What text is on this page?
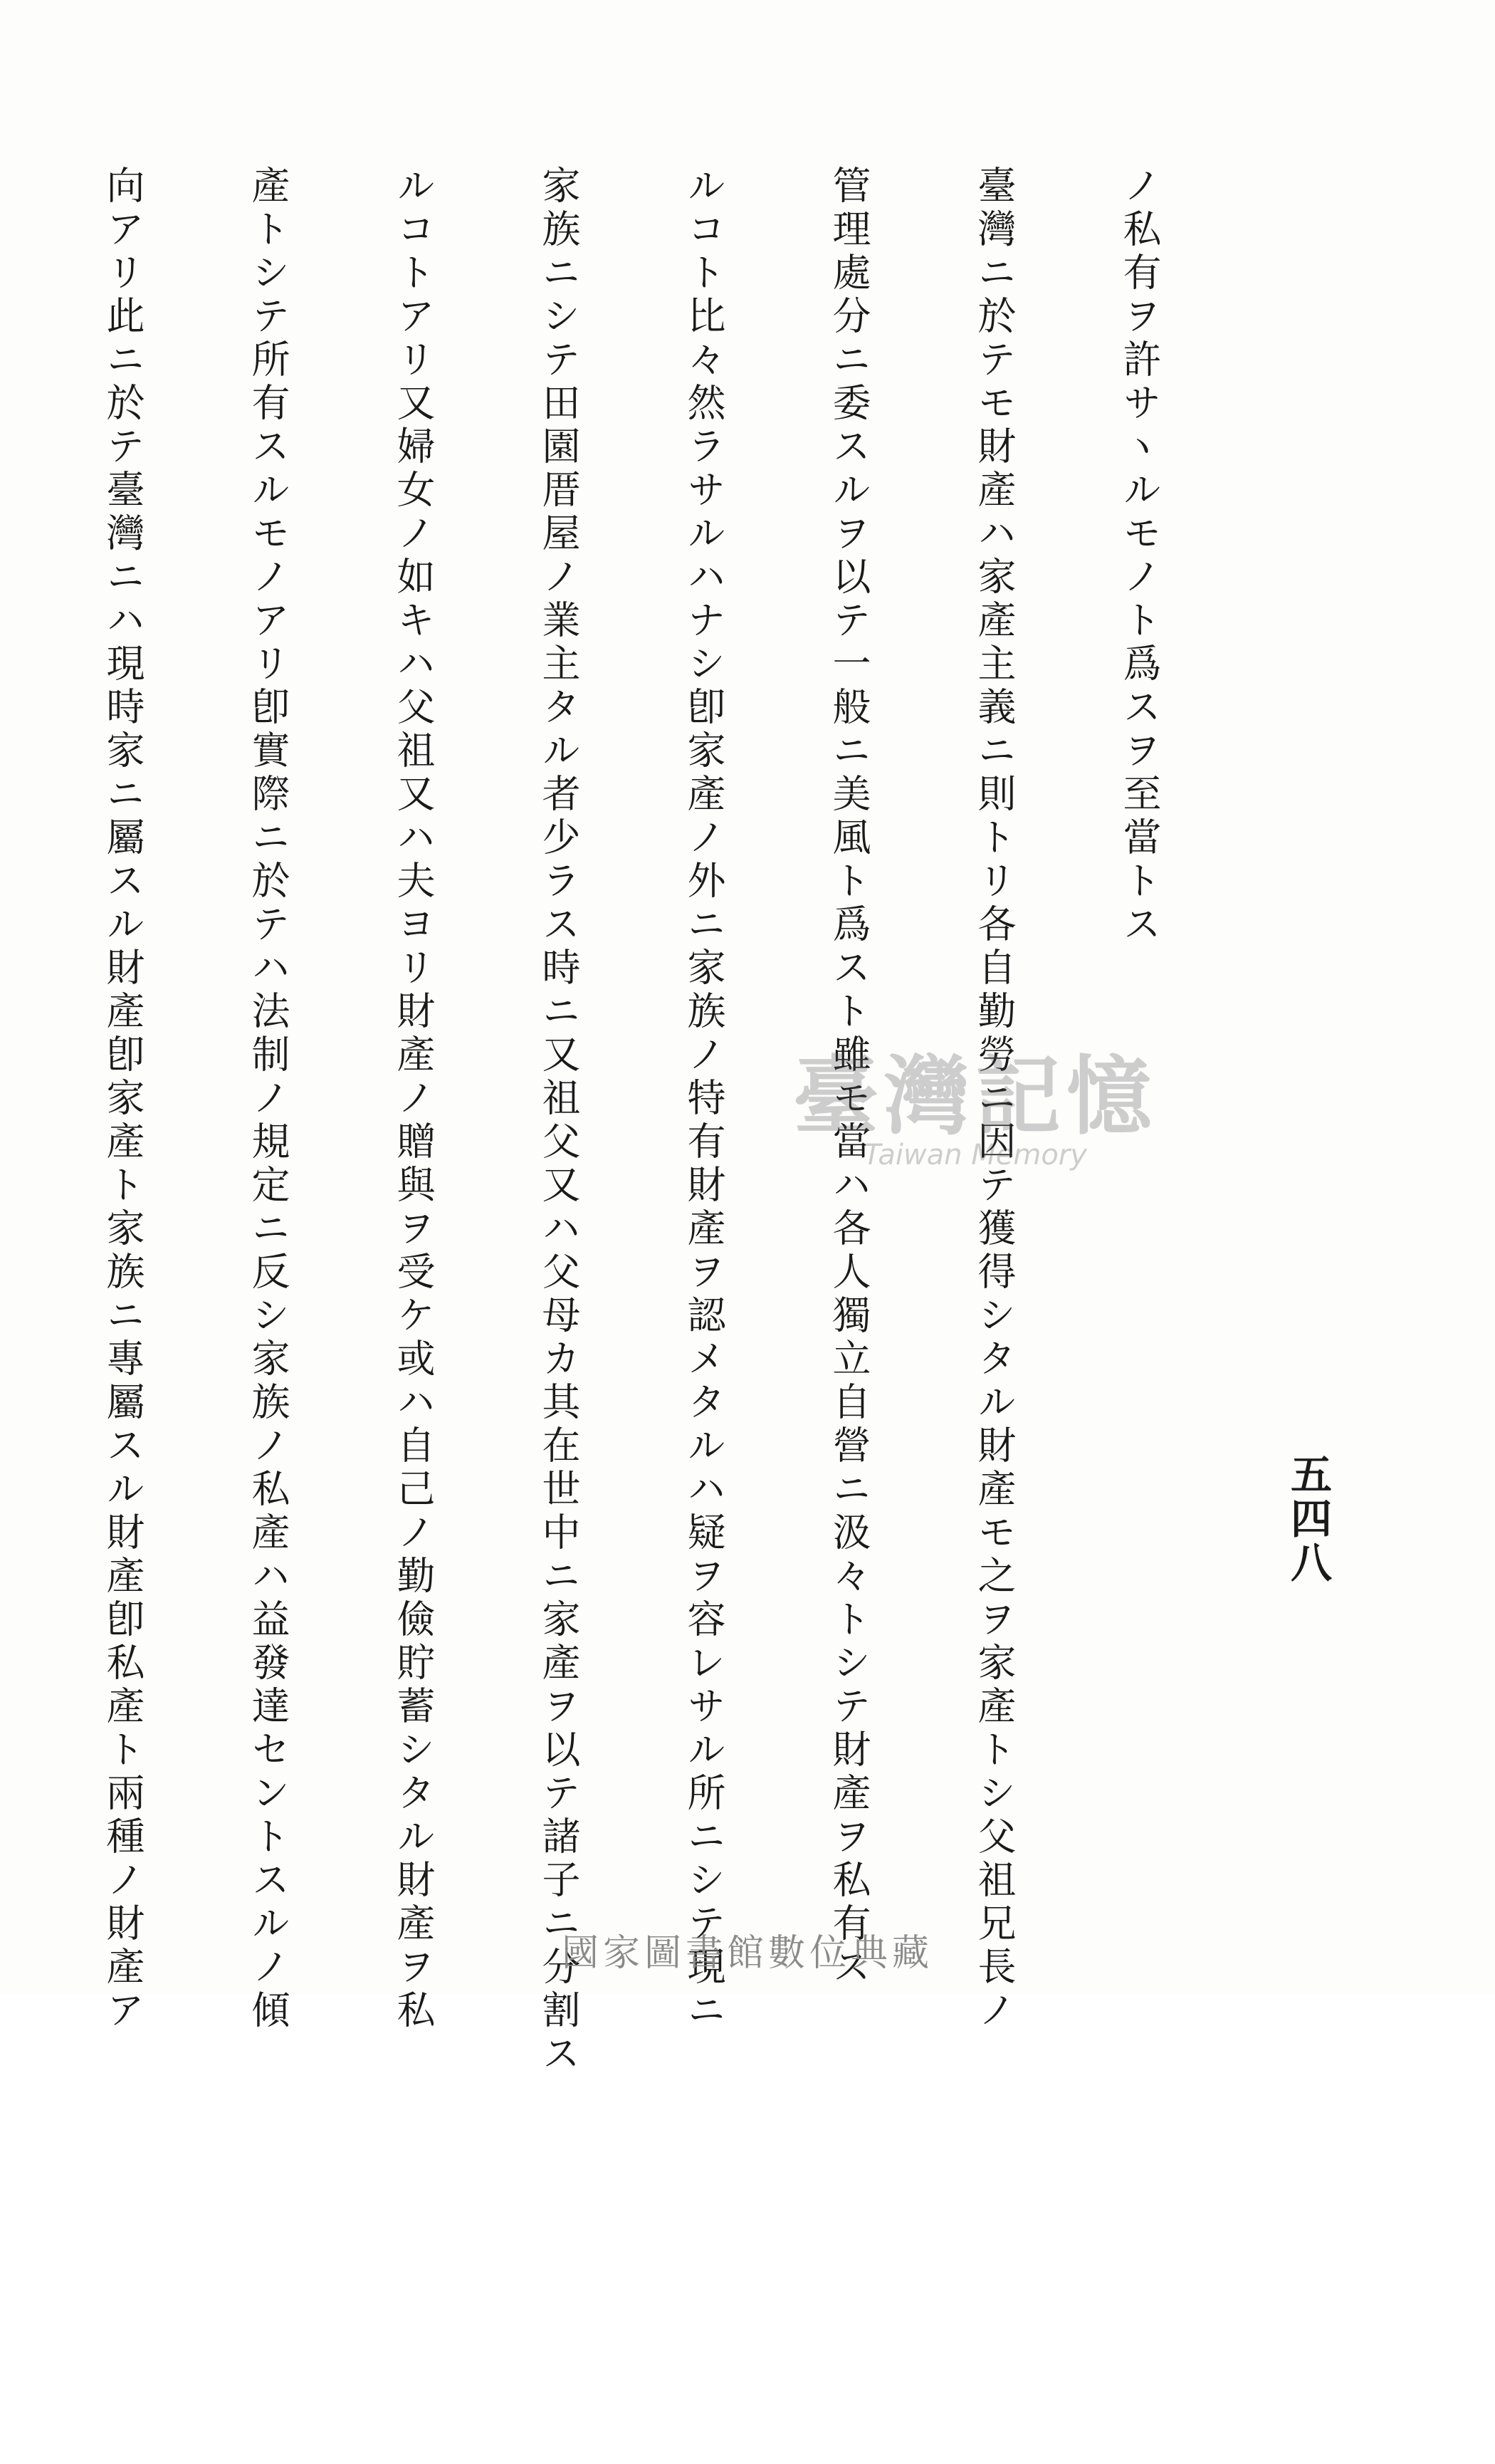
五四八

ノ私有ヲ許サヽルモノト爲スヲ至當トス

臺灣ニ於テモ財產ハ家產主義ニ則トリ各自勤勞ニ因テ獲得シタル財產モ之ヲ家產トシ父祖兄長ノ

管理處分ニ委スルヲ以テ一般ニ美風ト爲スト雖モ當ハ各人獨立自營ニ汲々トシテ財產ヲ私有ス

ルコト比々然ラサルハナシ卽家產ノ外ニ家族ノ特有財產ヲ認メタルハ疑ヲ容レサル所ニシテ現ニ

家族ニシテ田園厝屋ノ業主タル者少ラス時ニ又祖父又ハ父母カ其在世中ニ家產ヲ以テ諸子ニ分割ス

ルコトアリ又婦女ノ如キハ父祖又ハ夫ヨリ財產ノ贈與ヲ受ケ或ハ自己ノ勤儉貯蓄シタル財產ヲ私

產トシテ所有スルモノアリ卽實際ニ於テハ法制ノ規定ニ反シ家族ノ私產ハ益發達セントスルノ傾

向アリ此ニ於テ臺灣ニハ現時家ニ屬スル財產卽家產ト家族ニ專屬スル財產卽私產ト兩種ノ財產ア

	臺灣記憶
Taiwan Memory
國家圖書館數位典藏
